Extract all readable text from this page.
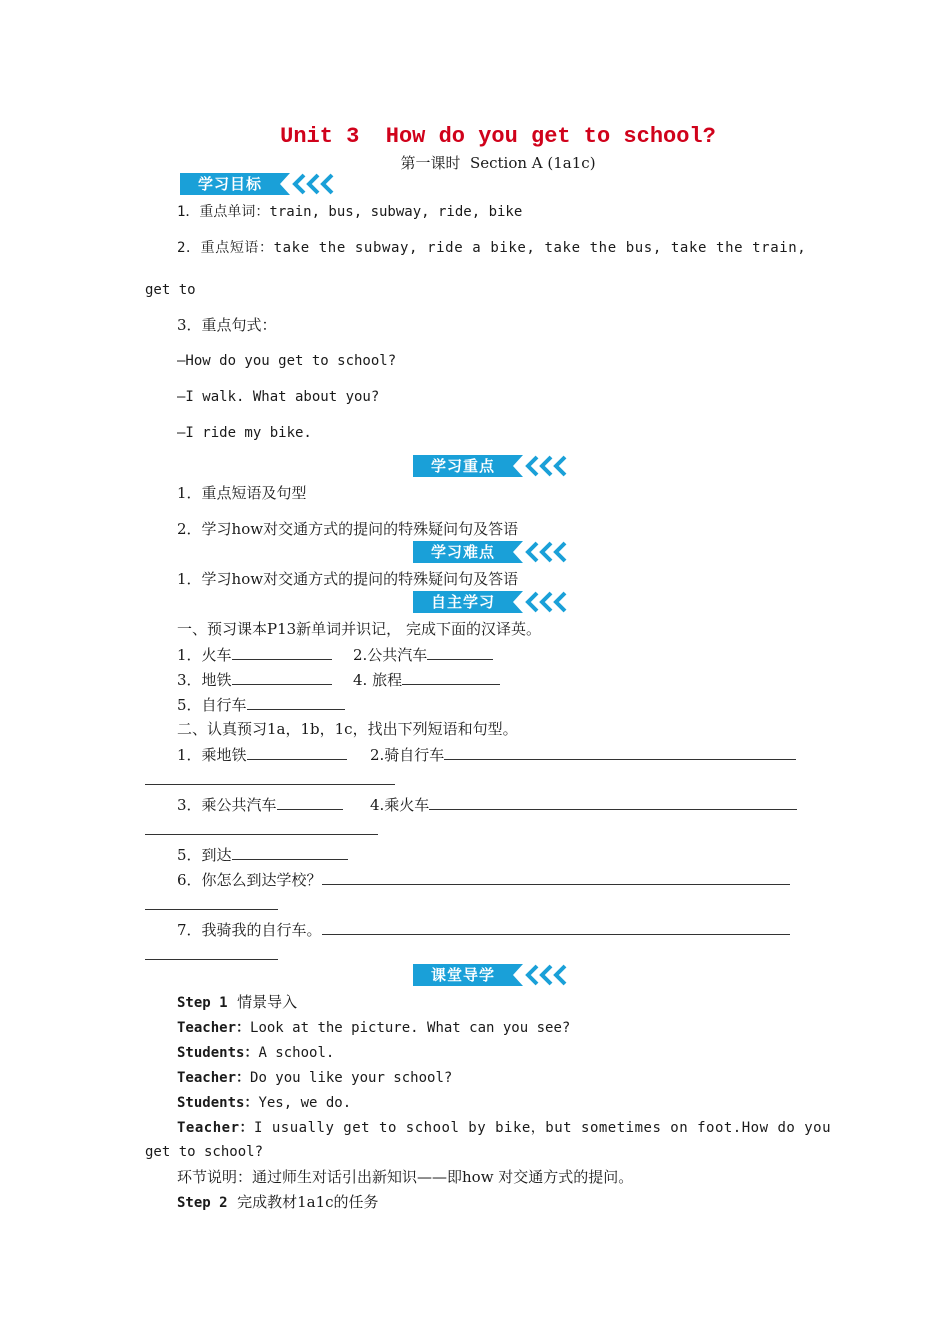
Unit 3  How do you get to school?
第一课时  Section A (1a1c)
学习目标
1．重点单词：train, bus, subway, ride, bike
2．重点短语：take the subway, ride a bike, take the bus, take the train,
get to
3．重点句式：
—How do you get to school?
—I walk. What about you?
—I ride my bike.
学习重点
1．重点短语及句型
2．学习how对交通方式的提问的特殊疑问句及答语
学习难点
1．学习how对交通方式的提问的特殊疑问句及答语
自主学习
一、预习课本P13新单词并识记， 完成下面的汉译英。
1．火车	2.公共汽车
3．地铁	4. 旅程
5．自行车
二、认真预习1a，1b，1c，找出下列短语和句型。
1．乘地铁	2.骑自行车
3．乘公共汽车	4.乘火车
5．到达
6．你怎么到达学校？
7．我骑我的自行车。
课堂导学
Step 1 情景导入
Teacher：Look at the picture. What can you see?
Students：A school.
Teacher：Do you like your school?
Students：Yes, we do.
Teacher：I usually get to school by bike，but sometimes on foot.How do you
get to school?
环节说明：通过师生对话引出新知识——即how 对交通方式的提问。
Step 2 完成教材1a1c的任务
